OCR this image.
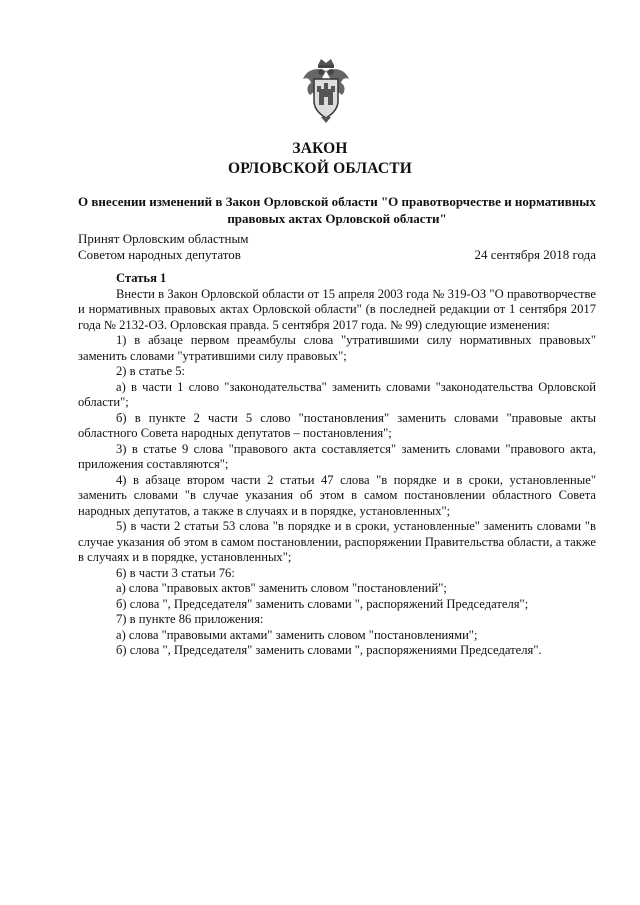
ЗАКОН
ОРЛОВСКОЙ ОБЛАСТИ
О внесении изменений в Закон Орловской области "О правотворчестве и нормативных
правовых актах Орловской области"
Принят Орловским областным
Советом народных депутатов	24 сентября 2018 года
Статья 1

Внести в Закон Орловской области от 15 апреля 2003 года № 319-ОЗ "О правотворчестве и нормативных правовых актах Орловской области" (в последней редакции от 1 сентября 2017 года № 2132-ОЗ. Орловская правда. 5 сентября 2017 года. № 99) следующие изменения:

1) в абзаце первом преамбулы слова "утратившими силу нормативных правовых" заменить словами "утратившими силу правовых";

2) в статье 5:

а) в части 1 слово "законодательства" заменить словами "законодательства Орловской области";

б) в пункте 2 части 5 слово "постановления" заменить словами "правовые акты областного Совета народных депутатов – постановления";

3) в статье 9 слова "правового акта составляется" заменить словами "правового акта, приложения составляются";

4) в абзаце втором части 2 статьи 47 слова "в порядке и в сроки, установленные" заменить словами "в случае указания об этом в самом постановлении областного Совета народных депутатов, а также в случаях и в порядке, установленных";

5) в части 2 статьи 53 слова "в порядке и в сроки, установленные" заменить словами "в случае указания об этом в самом постановлении, распоряжении Правительства области, а также в случаях и в порядке, установленных";

6) в части 3 статьи 76:

а) слова "правовых актов" заменить словом "постановлений";

б) слова ", Председателя" заменить словами ", распоряжений Председателя";

7) в пункте 86 приложения:

а) слова "правовыми актами" заменить словом "постановлениями";

б) слова ", Председателя" заменить словами ", распоряжениями Председателя".
